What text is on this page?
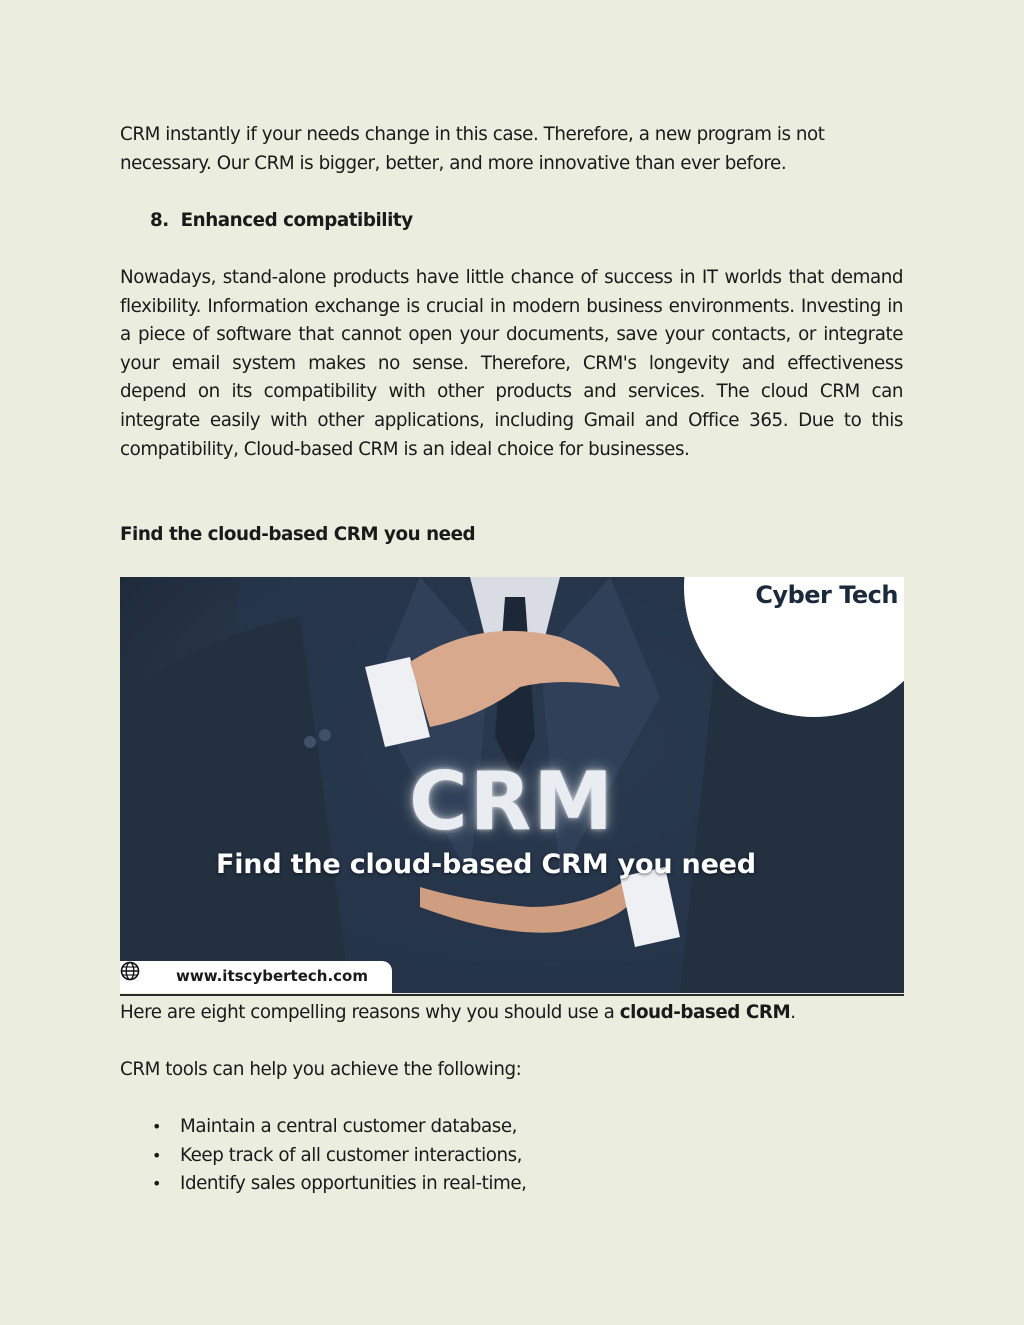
CRM instantly if your needs change in this case. Therefore, a new program is not

necessary. Our CRM is bigger, better, and more innovative than ever before.

8. Enhanced compatibility

Nowadays, stand-alone products have little chance of success in IT worlds that demand flexibility. Information exchange is crucial in modern business environments. Investing in a piece of software that cannot open your documents, save your contacts, or integrate your email system makes no sense. Therefore, CRM's longevity and effectiveness depend on its compatibility with other products and services. The cloud CRM can integrate easily with other applications, including Gmail and Office 365. Due to this compatibility, Cloud-based CRM is an ideal choice for businesses.

Find the cloud-based CRM you need
Cyber Tech
CRM
Find the cloud-based CRM you need
www.itscybertech.com

Here are eight compelling reasons why you should use a cloud-based CRM.

CRM tools can help you achieve the following:

• Maintain a central customer database,
• Keep track of all customer interactions,
• Identify sales opportunities in real-time,
